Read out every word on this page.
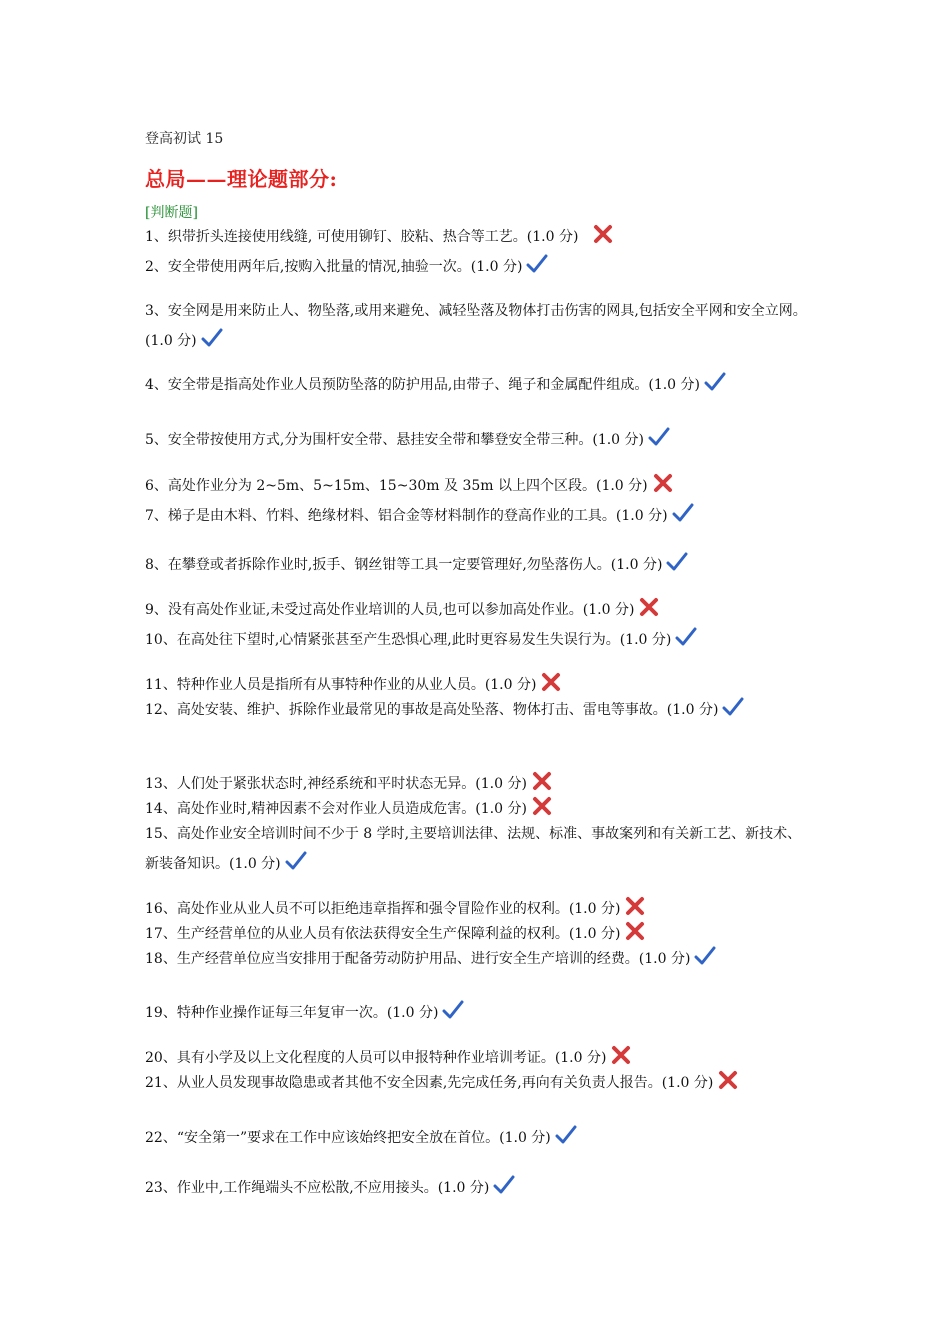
登高初试 15
总局——理论题部分:
[判断题]
1、织带折头连接使用线缝, 可使用铆钉、胶粘、热合等工艺。(1.0 分)
2、安全带使用两年后,按购入批量的情况,抽验一次。(1.0 分)
3、安全网是用来防止人、物坠落,或用来避免、减轻坠落及物体打击伤害的网具,包括安全平网和安全立网。(1.0 分)
4、安全带是指高处作业人员预防坠落的防护用品,由带子、绳子和金属配件组成。(1.0 分)
5、安全带按使用方式,分为围杆安全带、悬挂安全带和攀登安全带三种。(1.0 分)
6、高处作业分为 2~5m、5~15m、15~30m 及 35m 以上四个区段。(1.0 分)
7、梯子是由木料、竹料、绝缘材料、铝合金等材料制作的登高作业的工具。(1.0 分)
8、在攀登或者拆除作业时,扳手、钢丝钳等工具一定要管理好,勿坠落伤人。(1.0 分)
9、没有高处作业证,未受过高处作业培训的人员,也可以参加高处作业。(1.0 分)
10、在高处往下望时,心情紧张甚至产生恐惧心理,此时更容易发生失误行为。(1.0 分)
11、特种作业人员是指所有从事特种作业的从业人员。(1.0 分)
12、高处安装、维护、拆除作业最常见的事故是高处坠落、物体打击、雷电等事故。(1.0 分)
13、人们处于紧张状态时,神经系统和平时状态无异。(1.0 分)
14、高处作业时,精神因素不会对作业人员造成危害。(1.0 分)
15、高处作业安全培训时间不少于 8 学时,主要培训法律、法规、标准、事故案列和有关新工艺、新技术、新装备知识。(1.0 分)
16、高处作业从业人员不可以拒绝违章指挥和强令冒险作业的权利。(1.0 分)
17、生产经营单位的从业人员有依法获得安全生产保障利益的权利。(1.0 分)
18、生产经营单位应当安排用于配备劳动防护用品、进行安全生产培训的经费。(1.0 分)
19、特种作业操作证每三年复审一次。(1.0 分)
20、具有小学及以上文化程度的人员可以申报特种作业培训考证。(1.0 分)
21、从业人员发现事故隐患或者其他不安全因素,先完成任务,再向有关负责人报告。(1.0 分)
22、“安全第一”要求在工作中应该始终把安全放在首位。(1.0 分)
23、作业中,工作绳端头不应松散,不应用接头。(1.0 分)
